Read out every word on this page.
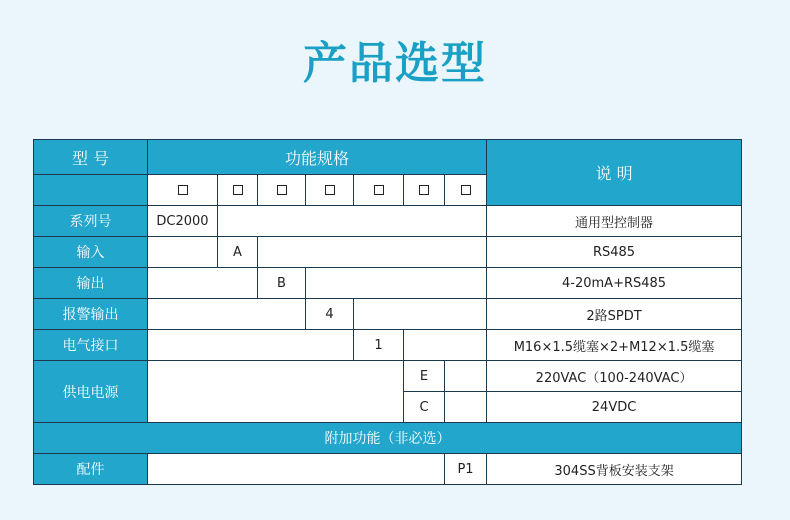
产品选型
型 号	功能规格							说 明

系列号	DC2000							通用型控制器
输入		A						RS485
输出			B					4-20mA+RS485
报警输出				4				2路SPDT
电气接口					1			M16×1.5缆塞×2+M12×1.5缆塞
供电电源						E		220VAC（100-240VAC）
						C		24VDC
附加功能（非必选）								
配件							P1	304SS背板安装支架
